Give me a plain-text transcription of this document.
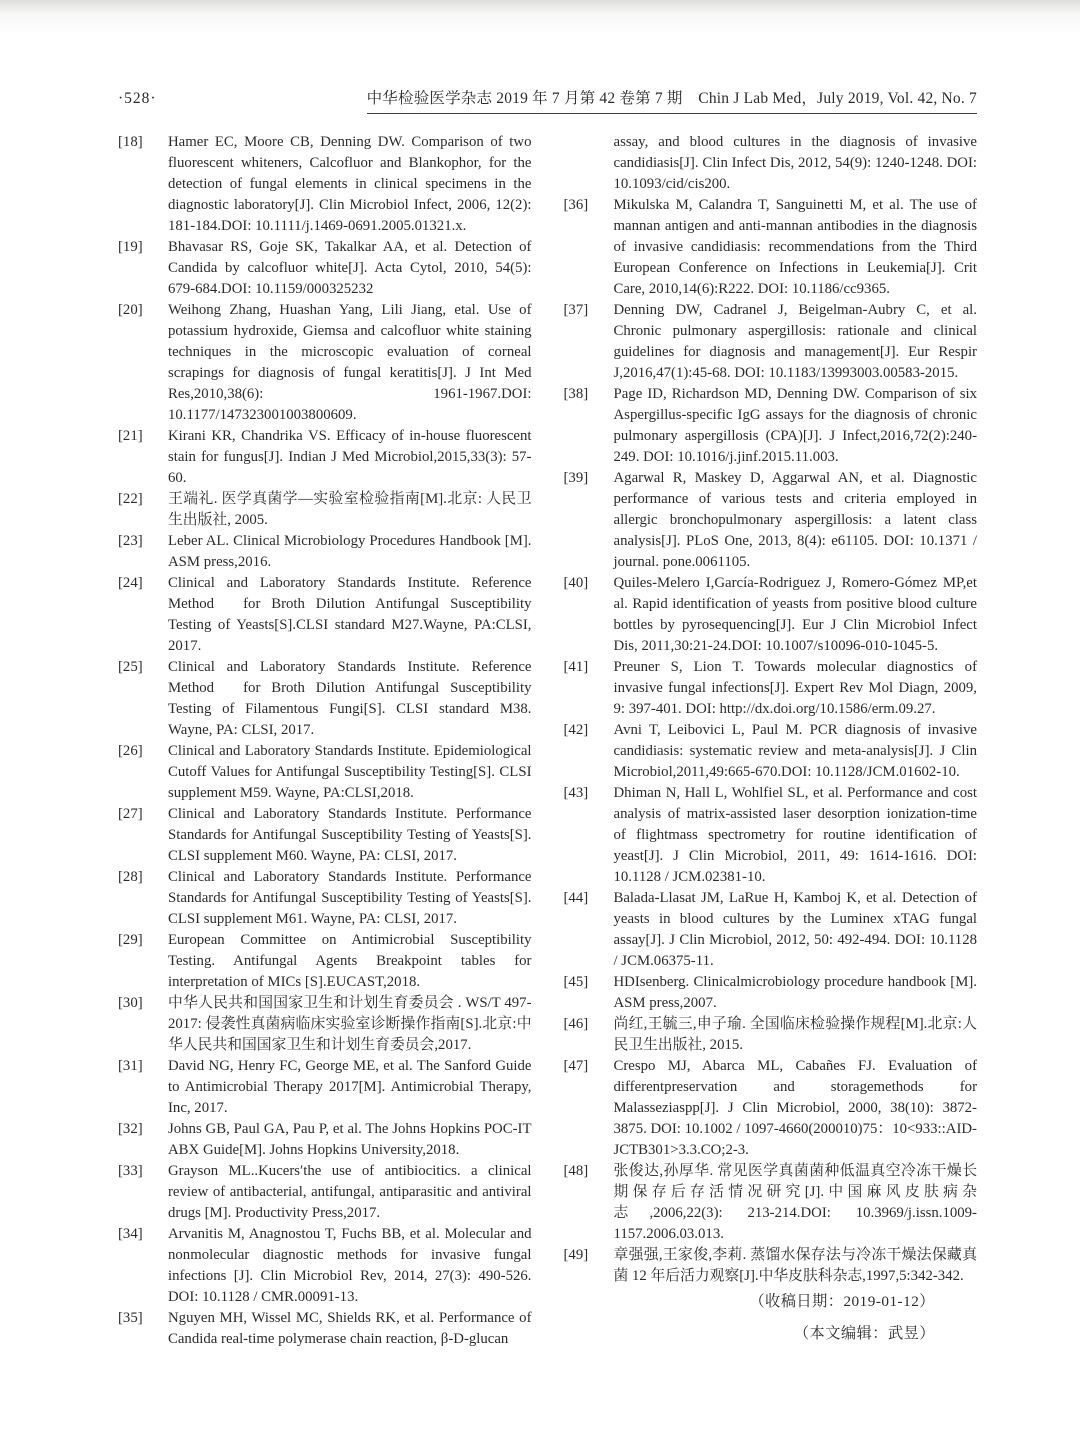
·528·	中华检验医学杂志 2019 年 7 月第 42 卷第 7 期　Chin J Lab Med，July 2019, Vol. 42, No. 7
[18]	Hamer EC, Moore CB, Denning DW. Comparison of two fluorescent whiteners, Calcofluor and Blankophor, for the detection of fungal elements in clinical specimens in the diagnostic laboratory[J]. Clin Microbiol Infect, 2006, 12(2): 181-184.DOI: 10.1111/j.1469-0691.2005.01321.x.
[19]	Bhavasar RS, Goje SK, Takalkar AA, et al. Detection of Candida by calcofluor white[J]. Acta Cytol, 2010, 54(5): 679-684.DOI: 10.1159/000325232
[20]	Weihong Zhang, Huashan Yang, Lili Jiang, etal. Use of potassium hydroxide, Giemsa and calcofluor white staining techniques in the microscopic evaluation of corneal scrapings for diagnosis of fungal keratitis[J]. J Int Med Res,2010,38(6): 1961-1967.DOI: 10.1177/147323001003800609.
[21]	Kirani KR, Chandrika VS. Efficacy of in-house fluorescent stain for fungus[J]. Indian J Med Microbiol,2015,33(3): 57-60.
[22]	王端礼. 医学真菌学—实验室检验指南[M].北京: 人民卫生出版社, 2005.
[23]	Leber AL. Clinical Microbiology Procedures Handbook [M]. ASM press,2016.
[24]	Clinical and Laboratory Standards Institute. Reference Method　for Broth Dilution Antifungal Susceptibility Testing of Yeasts[S].CLSI standard M27.Wayne, PA:CLSI, 2017.
[25]	Clinical and Laboratory Standards Institute. Reference Method　for Broth Dilution Antifungal Susceptibility Testing of Filamentous Fungi[S]. CLSI standard M38. Wayne, PA: CLSI, 2017.
[26]	Clinical and Laboratory Standards Institute. Epidemiological Cutoff Values for Antifungal Susceptibility Testing[S]. CLSI supplement M59. Wayne, PA:CLSI,2018.
[27]	Clinical and Laboratory Standards Institute. Performance Standards for Antifungal Susceptibility Testing of Yeasts[S]. CLSI supplement M60. Wayne, PA: CLSI, 2017.
[28]	Clinical and Laboratory Standards Institute. Performance Standards for Antifungal Susceptibility Testing of Yeasts[S]. CLSI supplement M61. Wayne, PA: CLSI, 2017.
[29]	European Committee on Antimicrobial Susceptibility Testing. Antifungal Agents Breakpoint tables for interpretation of MICs [S].EUCAST,2018.
[30]	中华人民共和国国家卫生和计划生育委员会 . WS/T 497-2017: 侵袭性真菌病临床实验室诊断操作指南[S].北京:中华人民共和国国家卫生和计划生育委员会,2017.
[31]	David NG, Henry FC, George ME, et al. The Sanford Guide to Antimicrobial Therapy 2017[M]. Antimicrobial Therapy, Inc, 2017.
[32]	Johns GB, Paul GA, Pau P, et al. The Johns Hopkins POC-IT ABX Guide[M]. Johns Hopkins University,2018.
[33]	Grayson ML..Kucers′the use of antibiocitics. a clinical review of antibacterial, antifungal, antiparasitic and antiviral drugs [M]. Productivity Press,2017.
[34]	Arvanitis M, Anagnostou T, Fuchs BB, et al. Molecular and nonmolecular diagnostic methods for invasive fungal infections [J]. Clin Microbiol Rev, 2014, 27(3): 490-526. DOI: 10.1128 / CMR.00091-13.
[35]	Nguyen MH, Wissel MC, Shields RK, et al. Performance of Candida real-time polymerase chain reaction, β-D-glucan
assay, and blood cultures in the diagnosis of invasive candidiasis[J]. Clin Infect Dis, 2012, 54(9): 1240-1248. DOI: 10.1093/cid/cis200.
[36]	Mikulska M, Calandra T, Sanguinetti M, et al. The use of mannan antigen and anti-mannan antibodies in the diagnosis of invasive candidiasis: recommendations from the Third European Conference on Infections in Leukemia[J]. Crit Care, 2010,14(6):R222. DOI: 10.1186/cc9365.
[37]	Denning DW, Cadranel J, Beigelman-Aubry C, et al. Chronic pulmonary aspergillosis: rationale and clinical guidelines for diagnosis and management[J]. Eur Respir J,2016,47(1):45-68. DOI: 10.1183/13993003.00583-2015.
[38]	Page ID, Richardson MD, Denning DW. Comparison of six Aspergillus-specific IgG assays for the diagnosis of chronic pulmonary aspergillosis (CPA)[J]. J Infect,2016,72(2):240-249. DOI: 10.1016/j.jinf.2015.11.003.
[39]	Agarwal R, Maskey D, Aggarwal AN, et al. Diagnostic performance of various tests and criteria employed in allergic bronchopulmonary aspergillosis: a latent class analysis[J]. PLoS One, 2013, 8(4): e61105. DOI: 10.1371 / journal. pone.0061105.
[40]	Quiles-Melero I,García-Rodriguez J, Romero-Gómez MP,et al. Rapid identification of yeasts from positive blood culture bottles by pyrosequencing[J]. Eur J Clin Microbiol Infect Dis, 2011,30:21-24.DOI: 10.1007/s10096-010-1045-5.
[41]	Preuner S, Lion T. Towards molecular diagnostics of invasive fungal infections[J]. Expert Rev Mol Diagn, 2009, 9: 397-401. DOI: http://dx.doi.org/10.1586/erm.09.27.
[42]	Avni T, Leibovici L, Paul M. PCR diagnosis of invasive candidiasis: systematic review and meta-analysis[J]. J Clin Microbiol,2011,49:665-670.DOI: 10.1128/JCM.01602-10.
[43]	Dhiman N, Hall L, Wohlfiel SL, et al. Performance and cost analysis of matrix-assisted laser desorption ionization-time of flightmass spectrometry for routine identification of yeast[J]. J Clin Microbiol, 2011, 49: 1614-1616. DOI: 10.1128 / JCM.02381-10.
[44]	Balada-Llasat JM, LaRue H, Kamboj K, et al. Detection of yeasts in blood cultures by the Luminex xTAG fungal assay[J]. J Clin Microbiol, 2012, 50: 492-494. DOI: 10.1128 / JCM.06375-11.
[45]	HDIsenberg. Clinicalmicrobiology procedure handbook [M]. ASM press,2007.
[46]	尚红,王毓三,申子瑜. 全国临床检验操作规程[M].北京:人民卫生出版社, 2015.
[47]	Crespo MJ, Abarca ML, Cabañes FJ. Evaluation of differentpreservation and storagemethods for Malasseziaspp[J]. J Clin Microbiol, 2000, 38(10): 3872-3875. DOI: 10.1002 / 1097-4660(200010)75：10<933::AID-JCTB301>3.3.CO;2-3.
[48]	张俊达,孙厚华. 常见医学真菌菌种低温真空冷冻干燥长期保存后存活情况研究[J].中国麻风皮肤病杂志,2006,22(3): 213-214.DOI: 10.3969/j.issn.1009-1157.2006.03.013.
[49]	章强强,王家俊,李莉. 蒸馏水保存法与冷冻干燥法保藏真菌 12 年后活力观察[J].中华皮肤科杂志,1997,5:342-342.
（收稿日期：2019-01-12）
（本文编辑：武昱）
